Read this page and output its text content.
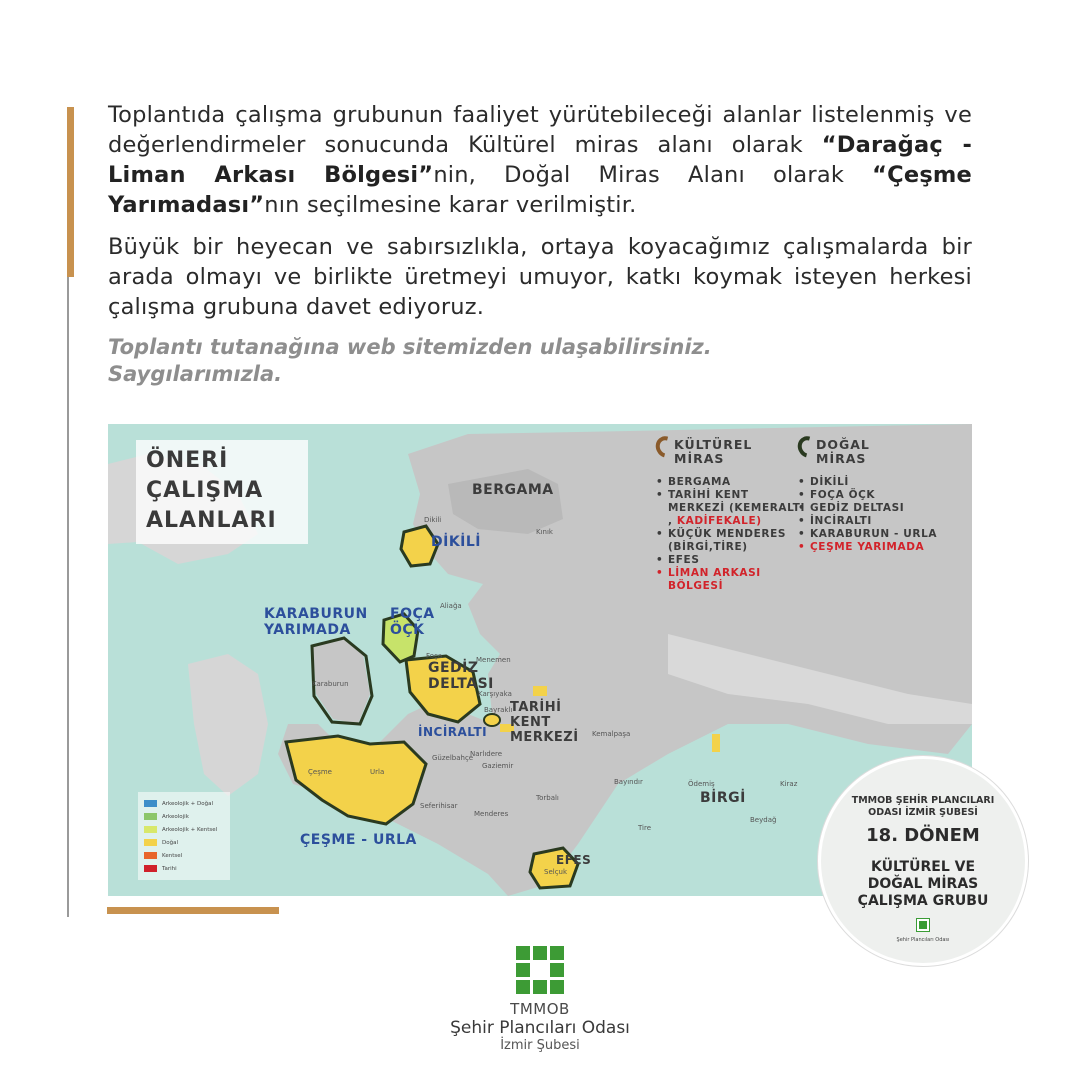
Toplantıda çalışma grubunun faaliyet yürütebileceği alanlar listelenmiş ve değerlendirmeler sonucunda Kültürel miras alanı olarak “Darağaç - Liman Arkası Bölgesi”nin, Doğal Miras Alanı olarak “Çeşme Yarımadası”nın seçilmesine karar verilmiştir.

Büyük bir heyecan ve sabırsızlıkla, ortaya koyacağımız çalışmalarda bir arada olmayı ve birlikte üretmeyi umuyor, katkı koymak isteyen herkesi çalışma grubuna davet ediyoruz.

Toplantı tutanağına web sitemizden ulaşabilirsiniz.
Saygılarımızla.

ÖNERİ
ÇALIŞMA
ALANLARI
BERGAMA
DİKİLİ
KARABURUN
YARIMADA
FOÇA
ÖÇK
GEDİZ
DELTASI
İNCİRALTI
TARİHİ
KENT
MERKEZİ
ÇEŞME - URLA
BİRGİ
EFES
Dikili
Kınık
Aliağa
Foça	Menemen
Karaburun
Karşıyaka
Bayraklı
Kemalpaşa
Güzelbahçe
Narlıdere
Gaziemir
Çeşme	Urla
Seferihisar
Menderes
Torbalı
Bayındır	Ödemiş	Kiraz
Beydağ
Tire
Selçuk
KÜLTÜREL
MİRAS
• BERGAMA
• TARİHİ KENT MERKEZİ (KEMERALTI , KADİFEKALE)
• KÜÇÜK MENDERES (BİRGİ,TİRE)
• EFES
• LİMAN ARKASI BÖLGESİ
DOĞAL
MİRAS
• DİKİLİ
• FOÇA ÖÇK
• GEDİZ DELTASI
• İNCİRALTI
• KARABURUN - URLA
• ÇEŞME YARIMADA
Arkeolojik + Doğal
Arkeolojik
Arkeolojik + Kentsel
Doğal
Kentsel
Tarihi
TMMOB ŞEHİR PLANCILARI
ODASI İZMİR ŞUBESİ
18. DÖNEM
KÜLTÜREL VE
DOĞAL MİRAS
ÇALIŞMA GRUBU
Şehir Plancıları Odası
TMMOB
Şehir Plancıları Odası
İzmir Şubesi
